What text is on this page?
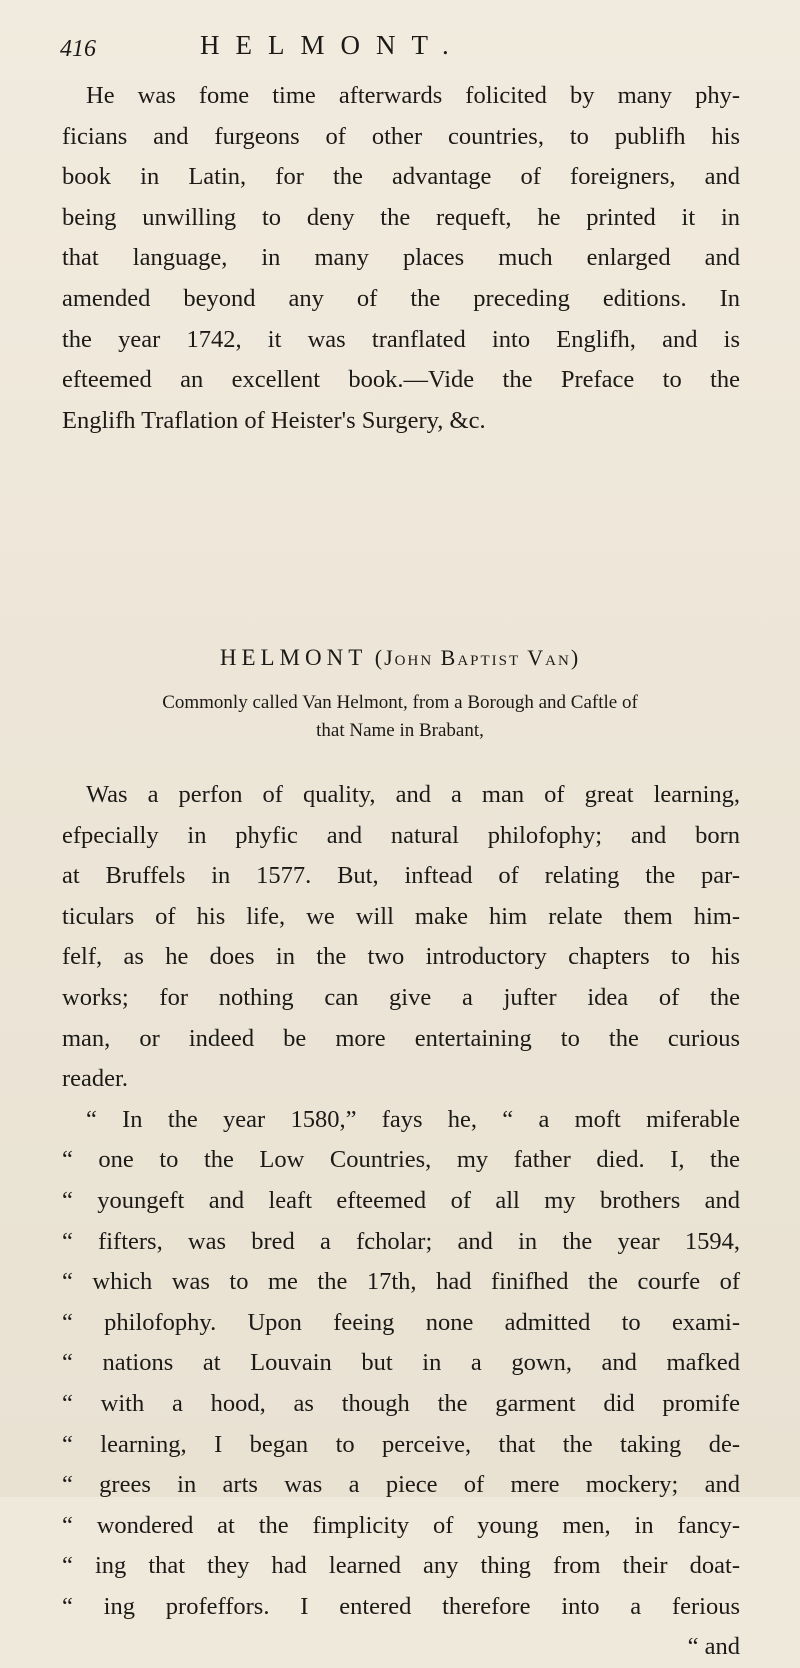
416	HELMONT.
He was fome time afterwards folicited by many phy-
ficians and furgeons of other countries, to publifh his
book in Latin, for the advantage of foreigners, and
being unwilling to deny the requeft, he printed it in
that language, in many places much enlarged and
amended beyond any of the preceding editions. In
the year 1742, it was tranflated into Englifh, and is
efteemed an excellent book.—Vide the Preface to the
Englifh Traflation of Heister's Surgery, &c.
HELMONT (John Baptist Van)
Commonly called Van Helmont, from a Borough and Caftle of
that Name in Brabant,
Was a perfon of quality, and a man of great learning,
efpecially in phyfic and natural philofophy; and born
at Bruffels in 1577. But, inftead of relating the par-
ticulars of his life, we will make him relate them him-
felf, as he does in the two introductory chapters to his
works; for nothing can give a jufter idea of the
man, or indeed be more entertaining to the curious
reader.
“ In the year 1580,” fays he, “ a moft miferable
“ one to the Low Countries, my father died. I, the
“ youngeft and leaft efteemed of all my brothers and
“ fifters, was bred a fcholar; and in the year 1594,
“ which was to me the 17th, had finifhed the courfe of
“ philofophy. Upon feeing none admitted to exami-
“ nations at Louvain but in a gown, and mafked
“ with a hood, as though the garment did promife
“ learning, I began to perceive, that the taking de-
“ grees in arts was a piece of mere mockery; and
“ wondered at the fimplicity of young men, in fancy-
“ ing that they had learned any thing from their doat-
“ ing profeffors. I entered therefore into a ferious
“ and
